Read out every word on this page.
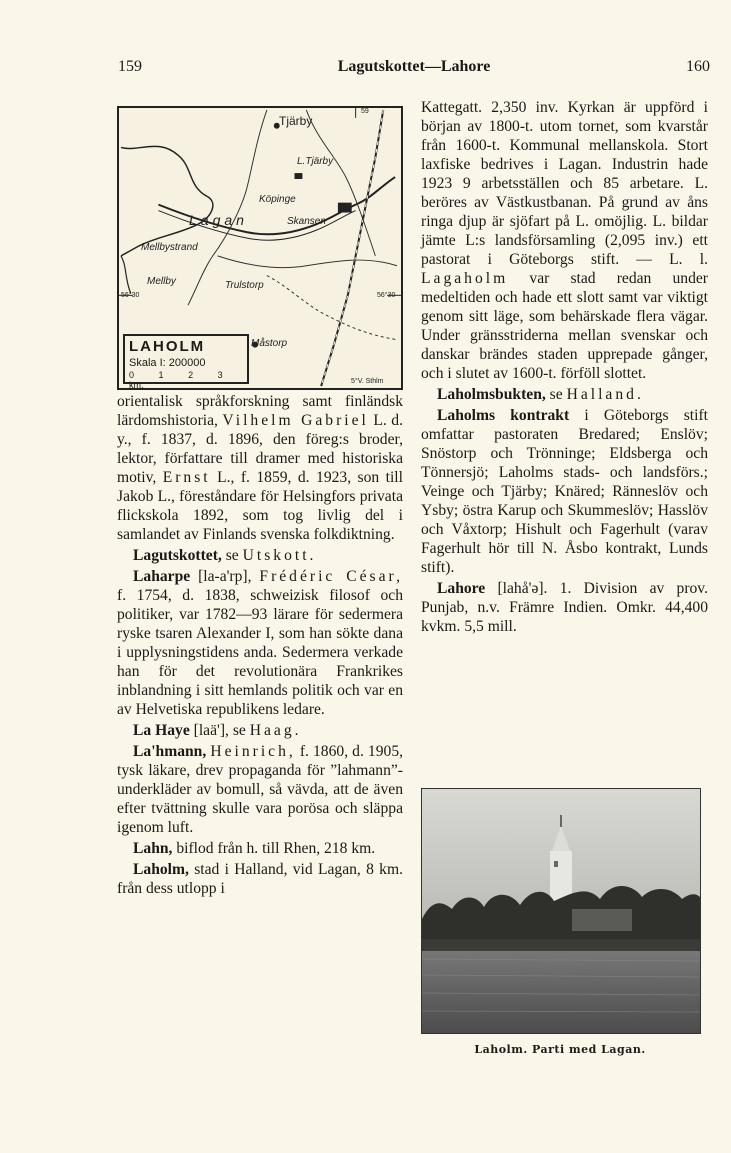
159	Lagutskottet—Lahore	160
Tjärby
L.Tjärby
Köpinge
Skansen
Lagan
Mellbystrand
Mellby	Trulstorp
Måstorp
56°30	56°30
59
5°V. Sthlm
LAHOLM
Skala I: 200000
0	1	2	3 km.

orientalisk språkforskning samt finländsk lärdomshistoria, Vilhelm Gabriel L. d. y., f. 1837, d. 1896, den föreg:s broder, lektor, författare till dramer med historiska motiv, Ernst L., f. 1859, d. 1923, son till Jakob L., föreståndare för Helsingfors privata flickskola 1892, som tog livlig del i samlandet av Finlands svenska folkdiktning.

Lagutskottet, se Utskott.

Laharpe [la-a'rp], Frédéric César, f. 1754, d. 1838, schweizisk filosof och politiker, var 1782—93 lärare för sedermera ryske tsaren Alexander I, som han sökte dana i upplysningstidens anda. Sedermera verkade han för det revolutionära Frankrikes inblandning i sitt hemlands politik och var en av Helvetiska republikens ledare.

La Haye [laä'], se Haag.

La'hmann, Heinrich, f. 1860, d. 1905, tysk läkare, drev propaganda för ”lahmann”-underkläder av bomull, så vävda, att de även efter tvättning skulle vara porösa och släppa igenom luft.

Lahn, biflod från h. till Rhen, 218 km.

Laholm, stad i Halland, vid Lagan, 8 km. från dess utlopp i

Kattegatt. 2,350 inv. Kyrkan är uppförd i början av 1800-t. utom tornet, som kvarstår från 1600-t. Kommunal mellanskola. Stort laxfiske bedrives i Lagan. Industrin hade 1923 9 arbetsställen och 85 arbetare. L. beröres av Västkustbanan. På grund av åns ringa djup är sjöfart på L. omöjlig. L. bildar jämte L:s landsförsamling (2,095 inv.) ett pastorat i Göteborgs stift. — L. l. Lagaholm var stad redan under medeltiden och hade ett slott samt var viktigt genom sitt läge, som behärskade flera vägar. Under gränsstriderna mellan svenskar och danskar brändes staden upprepade gånger, och i slutet av 1600-t. förföll slottet.

Laholmsbukten, se Halland.

Laholms kontrakt i Göteborgs stift omfattar pastoraten Bredared; Enslöv; Snöstorp och Trönninge; Eldsberga och Tönnersjö; Laholms stads- och landsförs.; Veinge och Tjärby; Knäred; Ränneslöv och Ysby; östra Karup och Skummeslöv; Hasslöv och Våxtorp; Hishult och Fagerhult (varav Fagerhult hör till N. Åsbo kontrakt, Lunds stift).

Lahore [lahå'ə]. 1. Division av prov. Punjab, n.v. Främre Indien. Omkr. 44,400 kvkm. 5,5 mill.

Laholm. Parti med Lagan.
